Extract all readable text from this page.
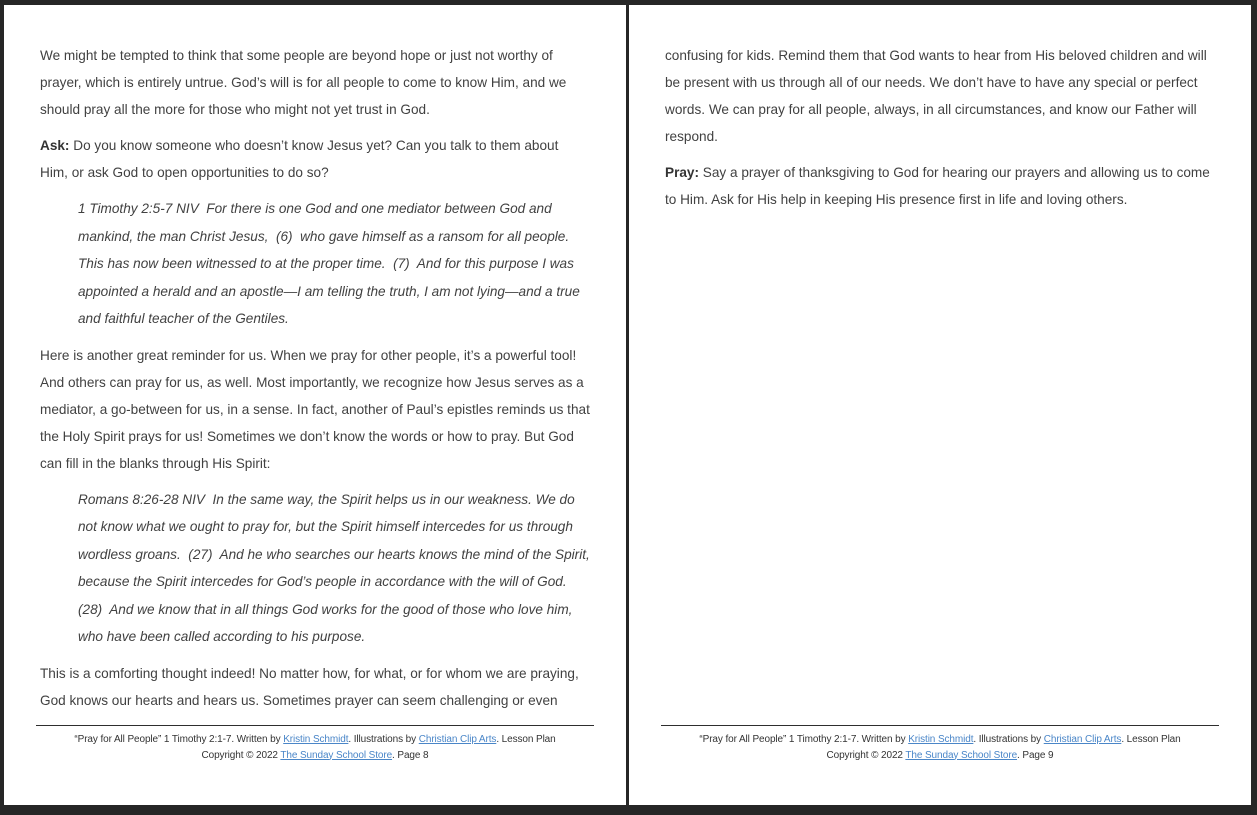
We might be tempted to think that some people are beyond hope or just not worthy of prayer, which is entirely untrue. God’s will is for all people to come to know Him, and we should pray all the more for those who might not yet trust in God.

Ask: Do you know someone who doesn’t know Jesus yet? Can you talk to them about Him, or ask God to open opportunities to do so?

1 Timothy 2:5-7 NIV  For there is one God and one mediator between God and mankind, the man Christ Jesus,  (6)  who gave himself as a ransom for all people. This has now been witnessed to at the proper time.  (7)  And for this purpose I was appointed a herald and an apostle—I am telling the truth, I am not lying—and a true and faithful teacher of the Gentiles.

Here is another great reminder for us. When we pray for other people, it’s a powerful tool! And others can pray for us, as well. Most importantly, we recognize how Jesus serves as a mediator, a go-between for us, in a sense. In fact, another of Paul’s epistles reminds us that the Holy Spirit prays for us! Sometimes we don’t know the words or how to pray. But God can fill in the blanks through His Spirit:

Romans 8:26-28 NIV  In the same way, the Spirit helps us in our weakness. We do not know what we ought to pray for, but the Spirit himself intercedes for us through wordless groans.  (27)  And he who searches our hearts knows the mind of the Spirit, because the Spirit intercedes for God’s people in accordance with the will of God.  (28)  And we know that in all things God works for the good of those who love him, who have been called according to his purpose.

This is a comforting thought indeed! No matter how, for what, or for whom we are praying, God knows our hearts and hears us. Sometimes prayer can seem challenging or even

“Pray for All People” 1 Timothy 2:1-7. Written by Kristin Schmidt. Illustrations by Christian Clip Arts. Lesson Plan
Copyright © 2022 The Sunday School Store. Page 8

confusing for kids. Remind them that God wants to hear from His beloved children and will be present with us through all of our needs. We don’t have to have any special or perfect words. We can pray for all people, always, in all circumstances, and know our Father will respond.

Pray: Say a prayer of thanksgiving to God for hearing our prayers and allowing us to come to Him. Ask for His help in keeping His presence first in life and loving others.

“Pray for All People” 1 Timothy 2:1-7. Written by Kristin Schmidt. Illustrations by Christian Clip Arts. Lesson Plan
Copyright © 2022 The Sunday School Store. Page 9
